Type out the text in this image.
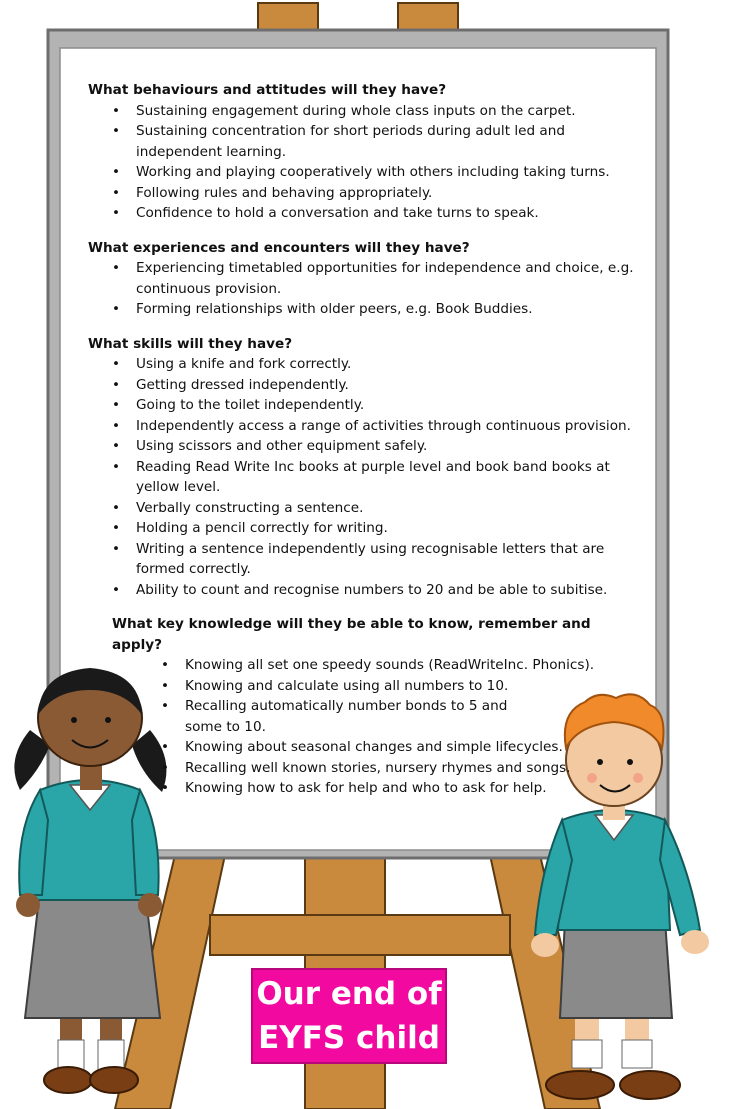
What behaviours and attitudes will they have?

• Sustaining engagement during whole class inputs on the carpet.
• Sustaining concentration for short periods during adult led and independent learning.
• Working and playing cooperatively with others including taking turns.
• Following rules and behaving appropriately.
• Confidence to hold a conversation and take turns to speak.

What experiences and encounters will they have?

• Experiencing timetabled opportunities for independence and choice, e.g. continuous provision.
• Forming relationships with older peers, e.g. Book Buddies.

What skills will they have?

• Using a knife and fork correctly.
• Getting dressed independently.
• Going to the toilet independently.
• Independently access a range of activities through continuous provision.
• Using scissors and other equipment safely.
• Reading Read Write Inc books at purple level and book band books at yellow level.
• Verbally constructing a sentence.
• Holding a pencil correctly for writing.
• Writing a sentence independently using recognisable letters that are formed correctly.
• Ability to count and recognise numbers to 20 and be able to subitise.

What key knowledge will they be able to know, remember and apply?

• Knowing all set one speedy sounds (ReadWriteInc. Phonics).
• Knowing and calculate using all numbers to 10.
• Recalling automatically number bonds to 5 and some to 10.
• Knowing about seasonal changes and simple lifecycles.
• Recalling well known stories, nursery rhymes and songs.
• Knowing how to ask for help and who to ask for help.
Our end of
EYFS child
